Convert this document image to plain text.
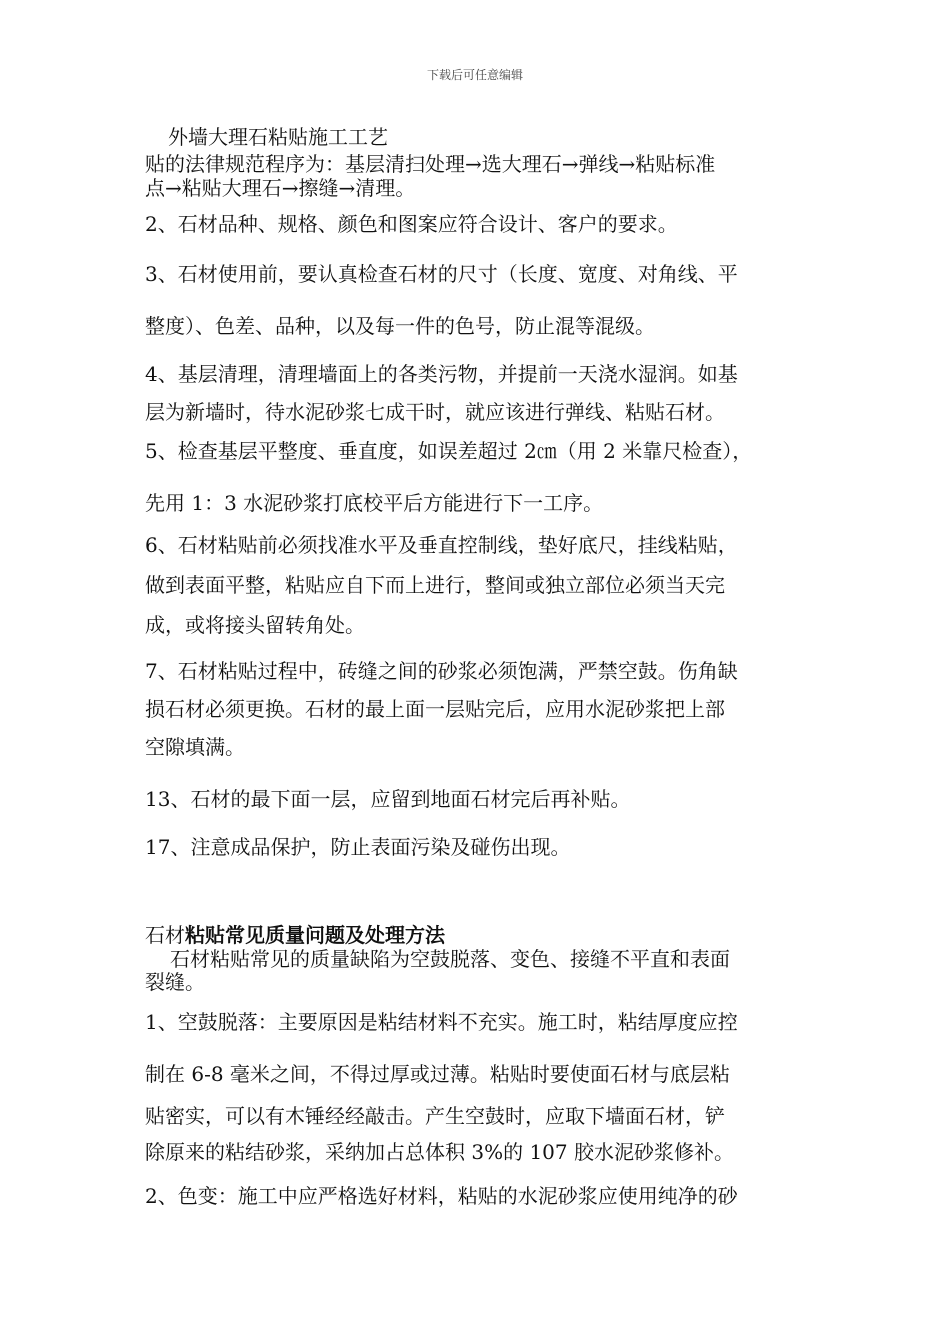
下载后可任意编辑
外墙大理石粘贴施工工艺
贴的法律规范程序为：基层清扫处理→选大理石→弹线→粘贴标准
点→粘贴大理石→擦缝→清理。
2、石材品种、规格、颜色和图案应符合设计、客户的要求。
3、石材使用前，要认真检查石材的尺寸（长度、宽度、对角线、平
整度）、色差、品种，以及每一件的色号，防止混等混级。
4、基层清理，清理墙面上的各类污物，并提前一天浇水湿润。如基
层为新墙时，待水泥砂浆七成干时，就应该进行弹线、粘贴石材。
5、检查基层平整度、垂直度，如误差超过 2㎝（用 2 米靠尺检查），
先用 1：3 水泥砂浆打底校平后方能进行下一工序。
6、石材粘贴前必须找准水平及垂直控制线，垫好底尺，挂线粘贴，
做到表面平整，粘贴应自下而上进行，整间或独立部位必须当天完
成，或将接头留转角处。
7、石材粘贴过程中，砖缝之间的砂浆必须饱满，严禁空鼓。伤角缺
损石材必须更换。石材的最上面一层贴完后，应用水泥砂浆把上部
空隙填满。
13、石材的最下面一层，应留到地面石材完后再补贴。
17、注意成品保护，防止表面污染及碰伤出现。
石材粘贴常见质量问题及处理方法
石材粘贴常见的质量缺陷为空鼓脱落、变色、接缝不平直和表面
裂缝。
1、空鼓脱落：主要原因是粘结材料不充实。施工时，粘结厚度应控
制在 6-8 毫米之间，不得过厚或过薄。粘贴时要使面石材与底层粘
贴密实，可以有木锤经经敲击。产生空鼓时，应取下墙面石材，铲
除原来的粘结砂浆，采纳加占总体积 3%的 107 胶水泥砂浆修补。
2、色变：施工中应严格选好材料，粘贴的水泥砂浆应使用纯净的砂
